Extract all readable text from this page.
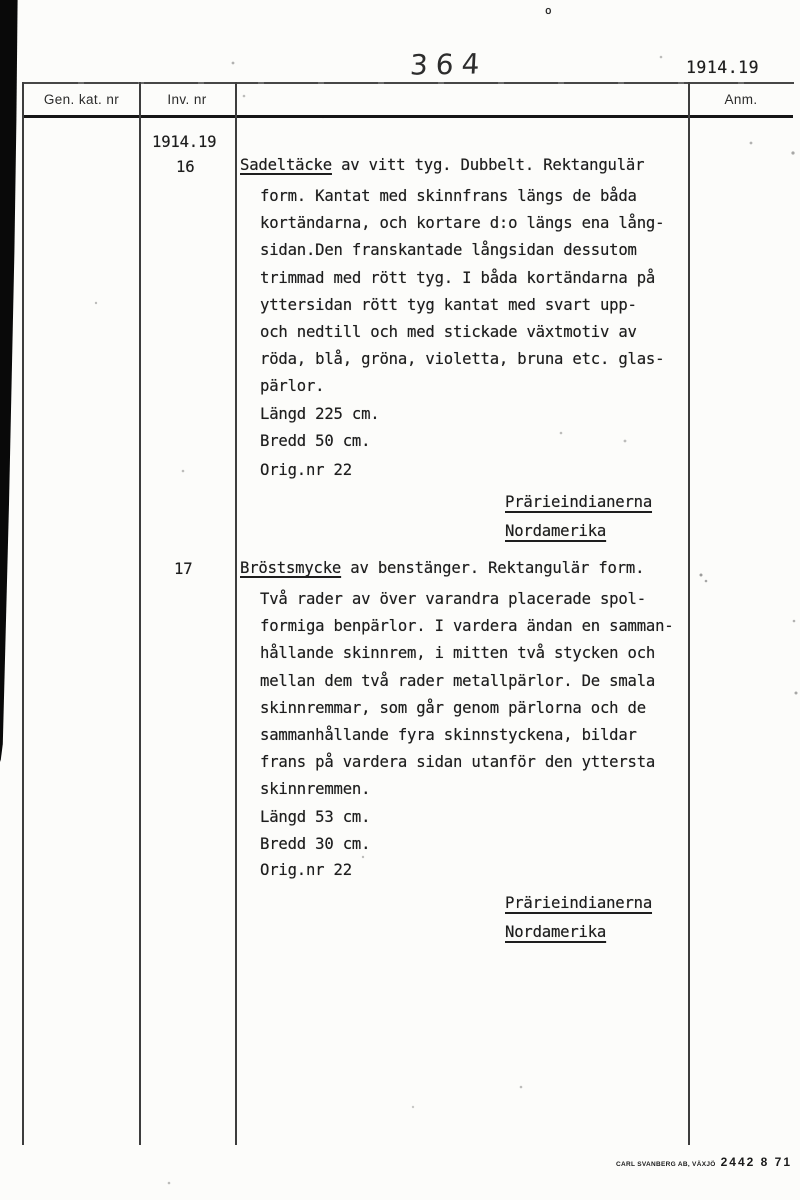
o
364	1914.19
Gen. kat. nr	Inv. nr	Anm.
1914.19
16	Sadeltäcke av vitt tyg. Dubbelt. Rektangulär
form. Kantat med skinnfrans längs de båda
kortändarna, och kortare d:o längs ena lång-
sidan.Den franskantade långsidan dessutom
trimmad med rött tyg. I båda kortändarna på
yttersidan rött tyg kantat med svart upp-
och nedtill och med stickade växtmotiv av
röda, blå, gröna, violetta, bruna etc. glas-
pärlor.
Längd 225 cm.
Bredd 50 cm.
Orig.nr 22
Prärieindianerna
Nordamerika
17	Bröstsmycke av benstänger. Rektangulär form.
Två rader av över varandra placerade spol-
formiga benpärlor. I vardera ändan en samman-
hållande skinnrem, i mitten två stycken och
mellan dem två rader metallpärlor. De smala
skinnremmar, som går genom pärlorna och de
sammanhållande fyra skinnstyckena, bildar
frans på vardera sidan utanför den yttersta
skinnremmen.
Längd 53 cm.
Bredd 30 cm.
Orig.nr 22
Prärieindianerna
Nordamerika
CARL SVANBERG AB, VÄXJÖ 2442 8 71
